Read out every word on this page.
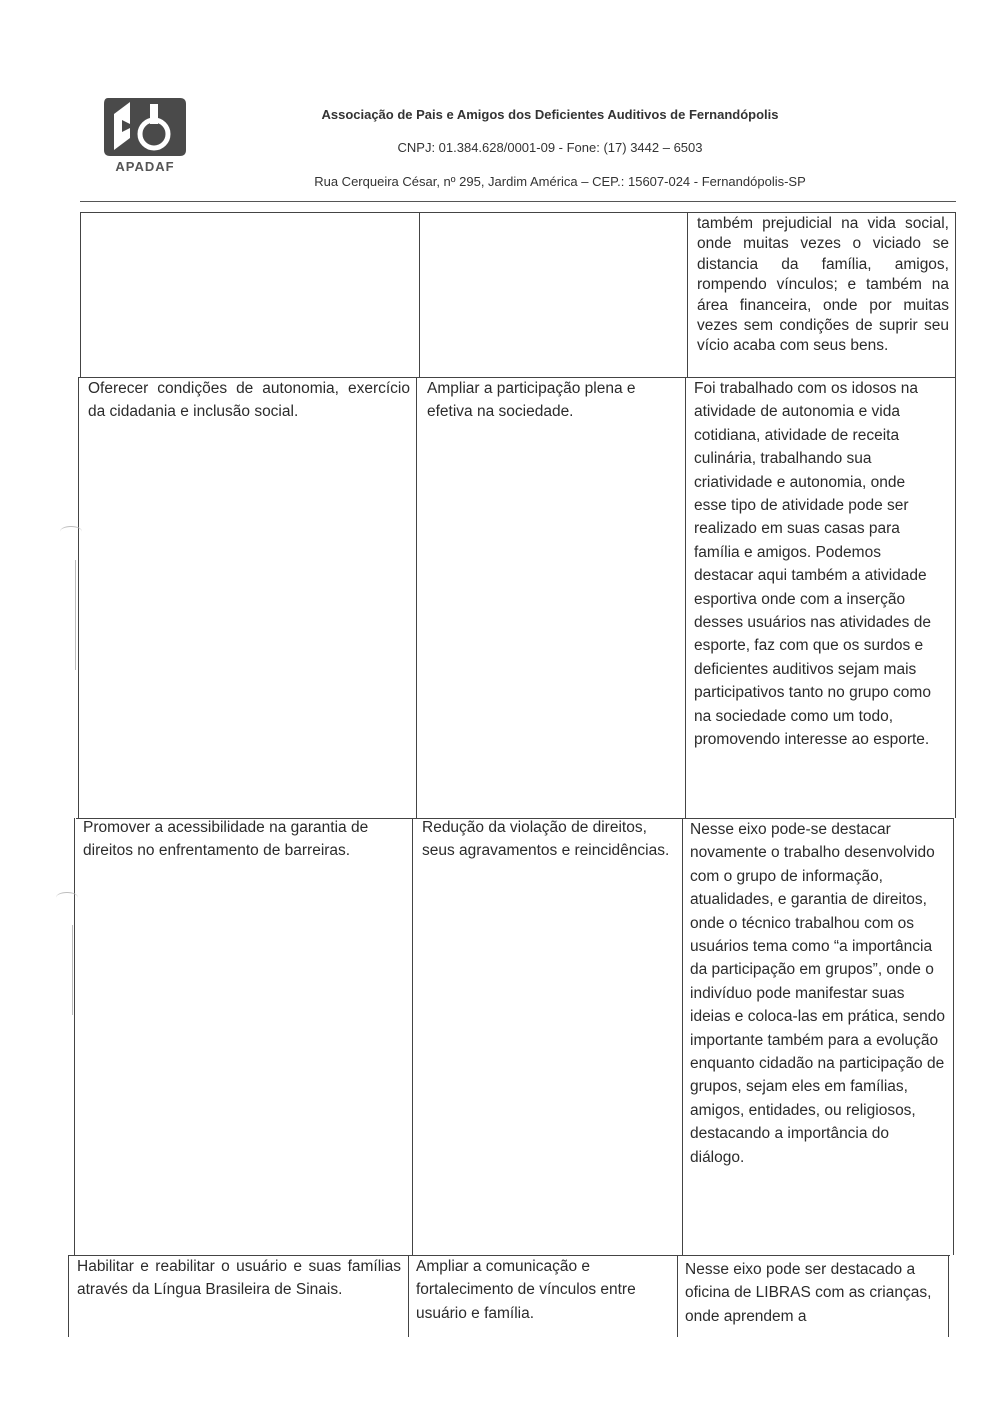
APADAF
Associação de Pais e Amigos dos Deficientes Auditivos de Fernandópolis
CNPJ: 01.384.628/0001-09 - Fone: (17) 3442 – 6503
Rua Cerqueira César, nº 295, Jardim América – CEP.: 15607-024 - Fernandópolis-SP
também prejudicial na vida social, onde muitas vezes o viciado se distancia da família, amigos, rompendo vínculos; e também na área financeira, onde por muitas vezes sem condições de suprir seu vício acaba com seus bens.
Oferecer condições de autonomia, exercício da cidadania e inclusão social.
Ampliar a participação plena e efetiva na sociedade.
Foi trabalhado com os idosos na atividade de autonomia e vida cotidiana, atividade de receita culinária, trabalhando sua criatividade e autonomia, onde esse tipo de atividade pode ser realizado em suas casas para família e amigos. Podemos destacar aqui também a atividade esportiva onde com a inserção desses usuários nas atividades de esporte, faz com que os surdos e deficientes auditivos sejam mais participativos tanto no grupo como na sociedade como um todo, promovendo interesse ao esporte.
Promover a acessibilidade na garantia de direitos no enfrentamento de barreiras.
Redução da violação de direitos, seus agravamentos e reincidências.
Nesse eixo pode-se destacar novamente o trabalho desenvolvido com o grupo de informação, atualidades, e garantia de direitos, onde o técnico trabalhou com os usuários tema como “a importância da participação em grupos”, onde o indivíduo pode manifestar suas ideias e coloca-las em prática, sendo importante também para a evolução enquanto cidadão na participação de grupos, sejam eles em famílias, amigos, entidades, ou religiosos, destacando a importância do diálogo.
Habilitar e reabilitar o usuário e suas famílias através da Língua Brasileira de Sinais.
Ampliar a comunicação e fortalecimento de vínculos entre usuário e família.
Nesse eixo pode ser destacado a oficina de LIBRAS com as crianças, onde aprendem a
